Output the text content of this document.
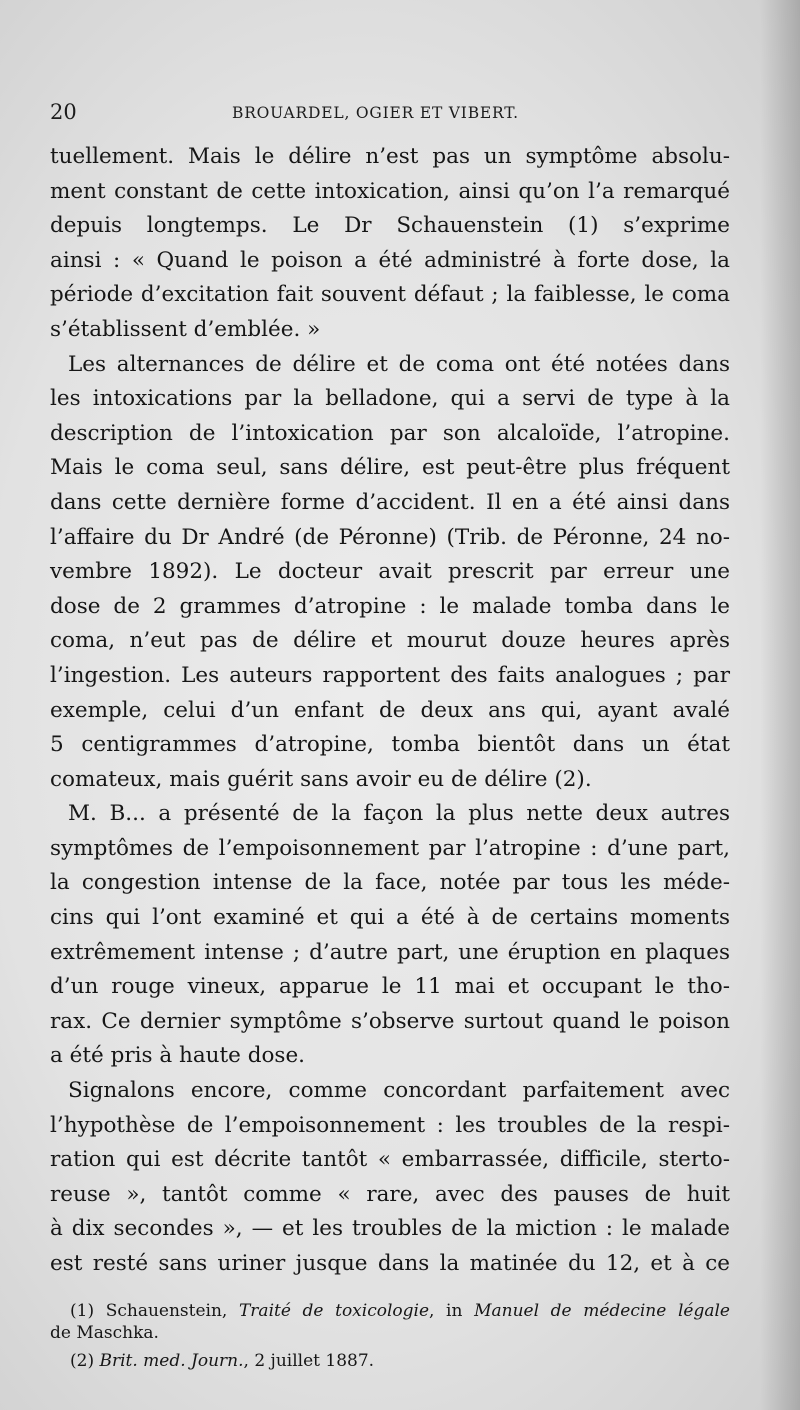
20	BROUARDEL, OGIER ET VIBERT.
tuellement. Mais le délire n’est pas un symptôme absolu-
ment constant de cette intoxication, ainsi qu’on l’a remarqué
depuis longtemps. Le Dr Schauenstein (1) s’exprime
ainsi : « Quand le poison a été administré à forte dose, la
période d’excitation fait souvent défaut ; la faiblesse, le coma
s’établissent d’emblée. »
Les alternances de délire et de coma ont été notées dans
les intoxications par la belladone, qui a servi de type à la
description de l’intoxication par son alcaloïde, l’atropine.
Mais le coma seul, sans délire, est peut-être plus fréquent
dans cette dernière forme d’accident. Il en a été ainsi dans
l’affaire du Dr André (de Péronne) (Trib. de Péronne, 24 no-
vembre 1892). Le docteur avait prescrit par erreur une
dose de 2 grammes d’atropine : le malade tomba dans le
coma, n’eut pas de délire et mourut douze heures après
l’ingestion. Les auteurs rapportent des faits analogues ; par
exemple, celui d’un enfant de deux ans qui, ayant avalé
5 centigrammes d’atropine, tomba bientôt dans un état
comateux, mais guérit sans avoir eu de délire (2).
M. B... a présenté de la façon la plus nette deux autres
symptômes de l’empoisonnement par l’atropine : d’une part,
la congestion intense de la face, notée par tous les méde-
cins qui l’ont examiné et qui a été à de certains moments
extrêmement intense ; d’autre part, une éruption en plaques
d’un rouge vineux, apparue le 11 mai et occupant le tho-
rax. Ce dernier symptôme s’observe surtout quand le poison
a été pris à haute dose.
Signalons encore, comme concordant parfaitement avec
l’hypothèse de l’empoisonnement : les troubles de la respi-
ration qui est décrite tantôt « embarrassée, difficile, sterto-
reuse », tantôt comme « rare, avec des pauses de huit
à dix secondes », — et les troubles de la miction : le malade
est resté sans uriner jusque dans la matinée du 12, et à ce
(1) Schauenstein, Traité de toxicologie, in Manuel de médecine légale
de Maschka.
(2) Brit. med. Journ., 2 juillet 1887.
